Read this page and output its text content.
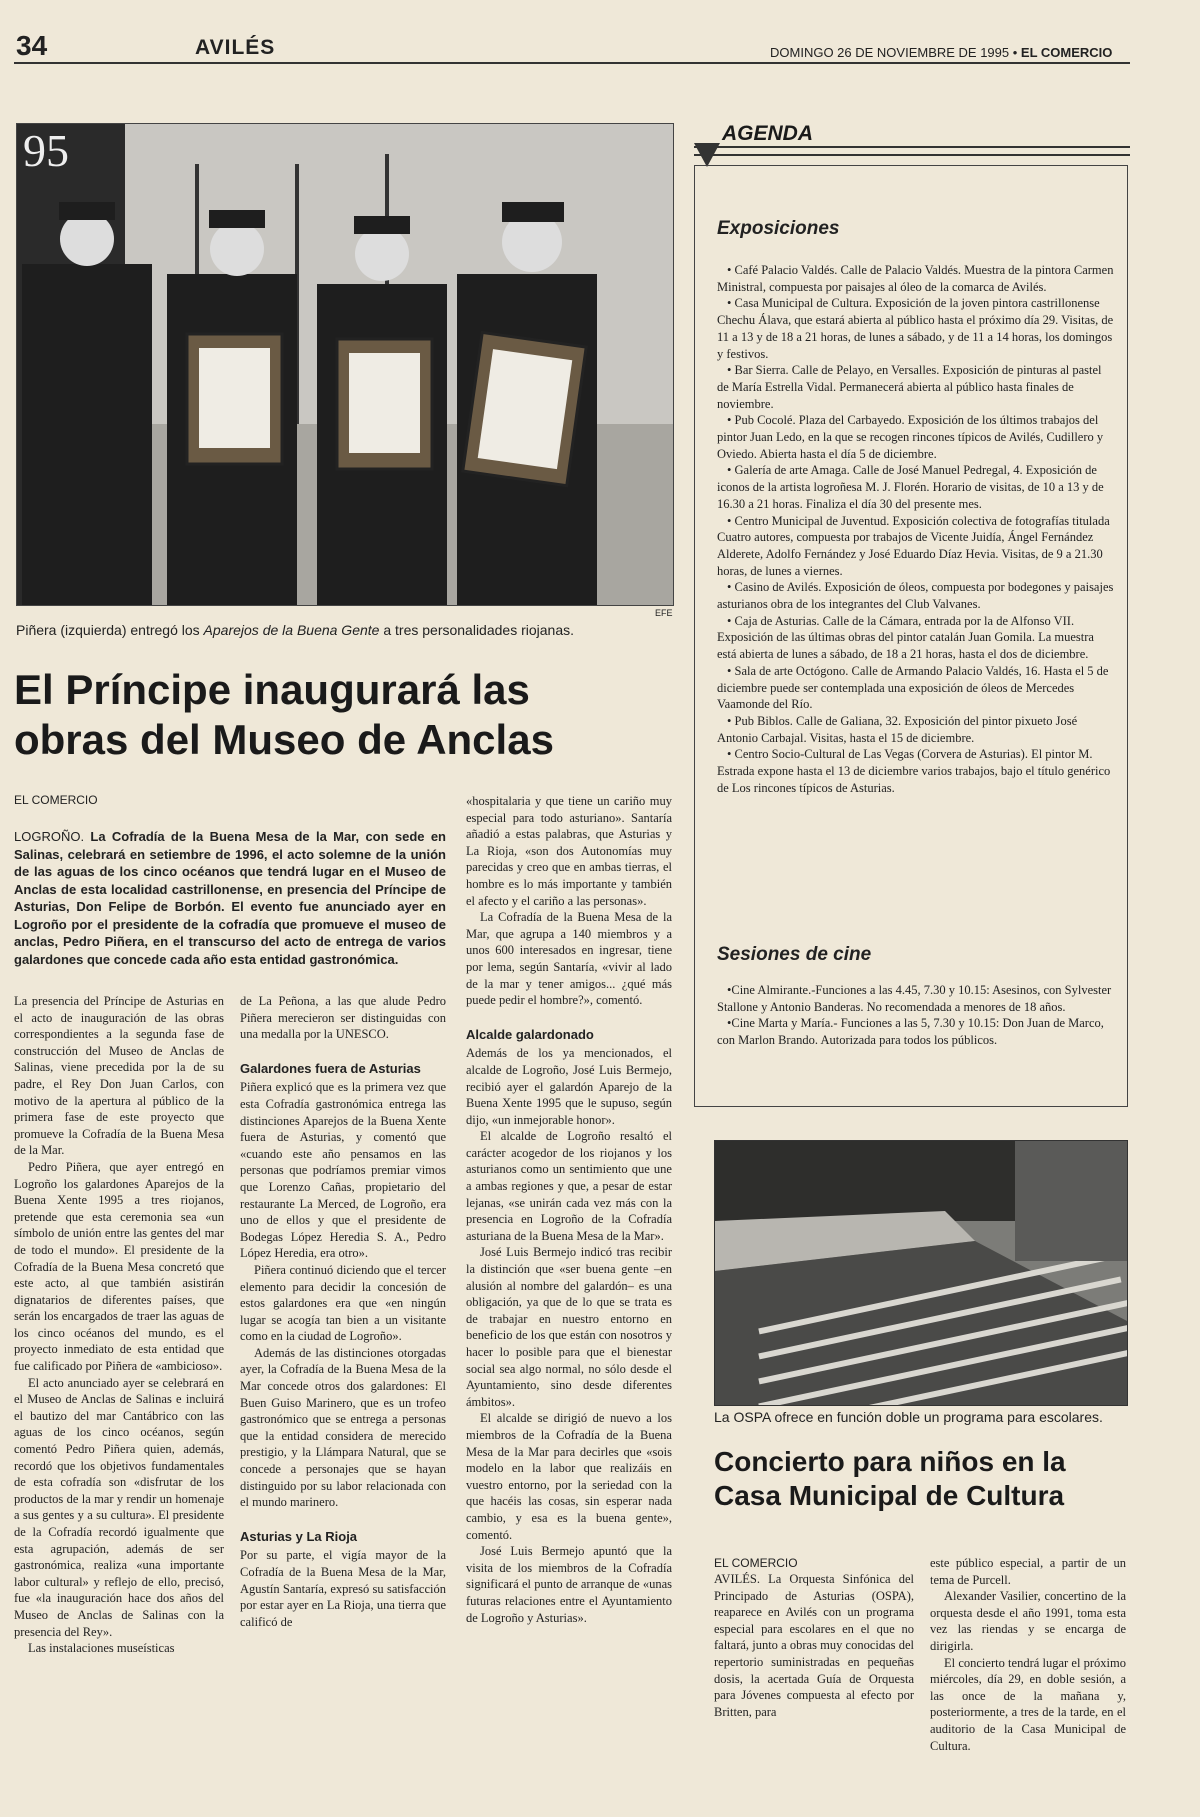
34	AVILÉS	DOMINGO 26 DE NOVIEMBRE DE 1995 • EL COMERCIO
95
EFE
Piñera (izquierda) entregó los Aparejos de la Buena Gente a tres personalidades riojanas.
El Príncipe inaugurará las
obras del Museo de Anclas
EL COMERCIO
LOGROÑO. La Cofradía de la Buena Mesa de la Mar, con sede en Salinas, celebrará en setiembre de 1996, el acto solemne de la unión de las aguas de los cinco océanos que tendrá lugar en el Museo de Anclas de esta localidad castrillonense, en presencia del Príncipe de Asturias, Don Felipe de Borbón. El evento fue anunciado ayer en Logroño por el presidente de la cofradía que promueve el museo de anclas, Pedro Piñera, en el transcurso del acto de entrega de varios galardones que concede cada año esta entidad gastronómica.

La presencia del Príncipe de Asturias en el acto de inauguración de las obras correspondientes a la segunda fase de construcción del Museo de Anclas de Salinas, viene precedida por la de su padre, el Rey Don Juan Carlos, con motivo de la apertura al público de la primera fase de este proyecto que promueve la Cofradía de la Buena Mesa de la Mar.

Pedro Piñera, que ayer entregó en Logroño los galardones Aparejos de la Buena Xente 1995 a tres riojanos, pretende que esta ceremonia sea «un símbolo de unión entre las gentes del mar de todo el mundo». El presidente de la Cofradía de la Buena Mesa concretó que este acto, al que también asistirán dignatarios de diferentes países, que serán los encargados de traer las aguas de los cinco océanos del mundo, es el proyecto inmediato de esta entidad que fue calificado por Piñera de «ambicioso».

El acto anunciado ayer se celebrará en el Museo de Anclas de Salinas e incluirá el bautizo del mar Cantábrico con las aguas de los cinco océanos, según comentó Pedro Piñera quien, además, recordó que los objetivos fundamentales de esta cofradía son «disfrutar de los productos de la mar y rendir un homenaje a sus gentes y a su cultura». El presidente de la Cofradía recordó igualmente que esta agrupación, además de ser gastronómica, realiza «una importante labor cultural» y reflejo de ello, precisó, fue «la inauguración hace dos años del Museo de Anclas de Salinas con la presencia del Rey».

Las instalaciones museísticas

de La Peñona, a las que alude Pedro Piñera merecieron ser distinguidas con una medalla por la UNESCO.

Galardones fuera de Asturias

Piñera explicó que es la primera vez que esta Cofradía gastronómica entrega las distinciones Aparejos de la Buena Xente fuera de Asturias, y comentó que «cuando este año pensamos en las personas que podríamos premiar vimos que Lorenzo Cañas, propietario del restaurante La Merced, de Logroño, era uno de ellos y que el presidente de Bodegas López Heredia S. A., Pedro López Heredia, era otro».

Piñera continuó diciendo que el tercer elemento para decidir la concesión de estos galardones era que «en ningún lugar se acogía tan bien a un visitante como en la ciudad de Logroño».

Además de las distinciones otorgadas ayer, la Cofradía de la Buena Mesa de la Mar concede otros dos galardones: El Buen Guiso Marinero, que es un trofeo gastronómico que se entrega a personas que la entidad considera de merecido prestigio, y la Llámpara Natural, que se concede a personajes que se hayan distinguido por su labor relacionada con el mundo marinero.

Asturias y La Rioja

Por su parte, el vigía mayor de la Cofradía de la Buena Mesa de la Mar, Agustín Santaría, expresó su satisfacción por estar ayer en La Rioja, una tierra que calificó de

«hospitalaria y que tiene un cariño muy especial para todo asturiano». Santaría añadió a estas palabras, que Asturias y La Rioja, «son dos Autonomías muy parecidas y creo que en ambas tierras, el hombre es lo más importante y también el afecto y el cariño a las personas».

La Cofradía de la Buena Mesa de la Mar, que agrupa a 140 miembros y a unos 600 interesados en ingresar, tiene por lema, según Santaría, «vivir al lado de la mar y tener amigos... ¿qué más puede pedir el hombre?», comentó.

Alcalde galardonado

Además de los ya mencionados, el alcalde de Logroño, José Luis Bermejo, recibió ayer el galardón Aparejo de la Buena Xente 1995 que le supuso, según dijo, «un inmejorable honor».

El alcalde de Logroño resaltó el carácter acogedor de los riojanos y los asturianos como un sentimiento que une a ambas regiones y que, a pesar de estar lejanas, «se unirán cada vez más con la presencia en Logroño de la Cofradía asturiana de la Buena Mesa de la Mar».

José Luis Bermejo indicó tras recibir la distinción que «ser buena gente –en alusión al nombre del galardón– es una obligación, ya que de lo que se trata es de trabajar en nuestro entorno en beneficio de los que están con nosotros y hacer lo posible para que el bienestar social sea algo normal, no sólo desde el Ayuntamiento, sino desde diferentes ámbitos».

El alcalde se dirigió de nuevo a los miembros de la Cofradía de la Buena Mesa de la Mar para decirles que «sois modelo en la labor que realizáis en vuestro entorno, por la seriedad con la que hacéis las cosas, sin esperar nada cambio, y esa es la buena gente», comentó.

José Luis Bermejo apuntó que la visita de los miembros de la Cofradía significará el punto de arranque de «unas futuras relaciones entre el Ayuntamiento de Logroño y Asturias».

AGENDA
Exposiciones

• Café Palacio Valdés. Calle de Palacio Valdés. Muestra de la pintora Carmen Ministral, compuesta por paisajes al óleo de la comarca de Avilés.

• Casa Municipal de Cultura. Exposición de la joven pintora castrillonense Chechu Álava, que estará abierta al público hasta el próximo día 29. Visitas, de 11 a 13 y de 18 a 21 horas, de lunes a sábado, y de 11 a 14 horas, los domingos y festivos.

• Bar Sierra. Calle de Pelayo, en Versalles. Exposición de pinturas al pastel de María Estrella Vidal. Permanecerá abierta al público hasta finales de noviembre.

• Pub Cocolé. Plaza del Carbayedo. Exposición de los últimos trabajos del pintor Juan Ledo, en la que se recogen rincones típicos de Avilés, Cudillero y Oviedo. Abierta hasta el día 5 de diciembre.

• Galería de arte Amaga. Calle de José Manuel Pedregal, 4. Exposición de iconos de la artista logroñesa M. J. Florén. Horario de visitas, de 10 a 13 y de 16.30 a 21 horas. Finaliza el día 30 del presente mes.

• Centro Municipal de Juventud. Exposición colectiva de fotografías titulada Cuatro autores, compuesta por trabajos de Vicente Juidía, Ángel Fernández Alderete, Adolfo Fernández y José Eduardo Díaz Hevia. Visitas, de 9 a 21.30 horas, de lunes a viernes.

• Casino de Avilés. Exposición de óleos, compuesta por bodegones y paisajes asturianos obra de los integrantes del Club Valvanes.

• Caja de Asturias. Calle de la Cámara, entrada por la de Alfonso VII. Exposición de las últimas obras del pintor catalán Juan Gomila. La muestra está abierta de lunes a sábado, de 18 a 21 horas, hasta el dos de diciembre.

• Sala de arte Octógono. Calle de Armando Palacio Valdés, 16. Hasta el 5 de diciembre puede ser contemplada una exposición de óleos de Mercedes Vaamonde del Río.

• Pub Biblos. Calle de Galiana, 32. Exposición del pintor pixueto José Antonio Carbajal. Visitas, hasta el 15 de diciembre.

• Centro Socio-Cultural de Las Vegas (Corvera de Asturias). El pintor M. Estrada expone hasta el 13 de diciembre varios trabajos, bajo el título genérico de Los rincones típicos de Asturias.

Sesiones de cine

•Cine Almirante.-Funciones a las 4.45, 7.30 y 10.15: Asesinos, con Sylvester Stallone y Antonio Banderas. No recomendada a menores de 18 años.

•Cine Marta y María.- Funciones a las 5, 7.30 y 10.15: Don Juan de Marco, con Marlon Brando. Autorizada para todos los públicos.

La OSPA ofrece en función doble un programa para escolares.
Concierto para niños en la
Casa Municipal de Cultura
EL COMERCIO

AVILÉS. La Orquesta Sinfónica del Principado de Asturias (OSPA), reaparece en Avilés con un programa especial para escolares en el que no faltará, junto a obras muy conocidas del repertorio suministradas en pequeñas dosis, la acertada Guía de Orquesta para Jóvenes compuesta al efecto por Britten, para

este público especial, a partir de un tema de Purcell.

Alexander Vasilier, concertino de la orquesta desde el año 1991, toma esta vez las riendas y se encarga de dirigirla.

El concierto tendrá lugar el próximo miércoles, día 29, en doble sesión, a las once de la mañana y, posteriormente, a tres de la tarde, en el auditorio de la Casa Municipal de Cultura.
